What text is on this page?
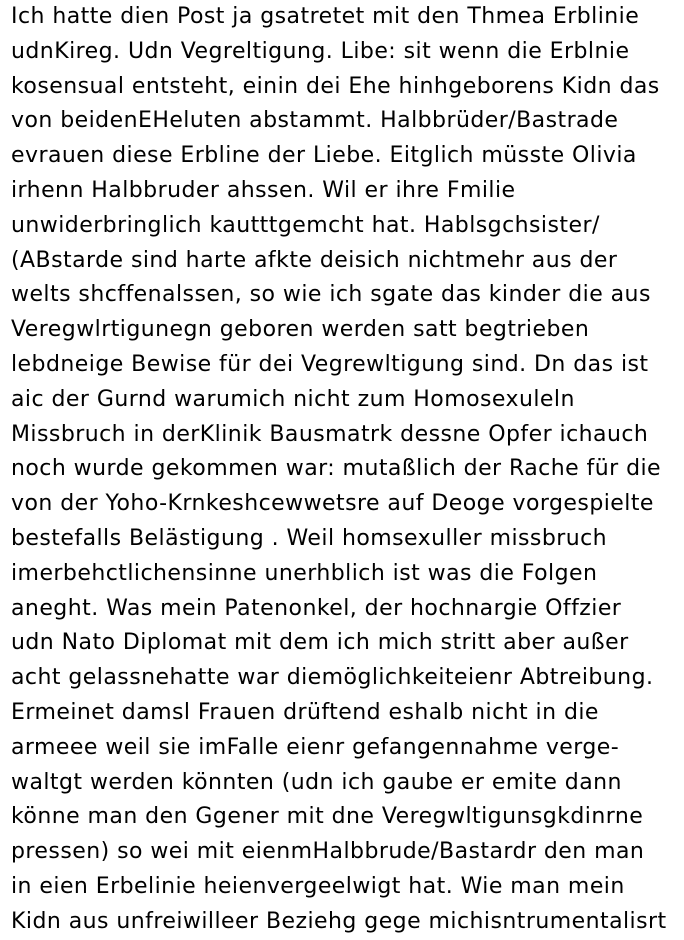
Ich hatte dien Post ja gsatretet mit den Thmea Erblinie
udnKireg. Udn Vegreltigung. Libe: sit wenn die Erblnie
kosensual entsteht, einin dei Ehe hinhgeborens Kidn das
von beidenEHeluten abstammt. Halbbrüder/Bastrade
evrauen diese Erbline der Liebe. Eitglich müsste Olivia
irhenn Halbbruder ahssen. Wil er ihre Fmilie
unwiderbringlich kautttgemcht hat. Hablsgchsister/
(ABstarde sind harte afkte deisich nichtmehr aus der
welts shcffenalssen, so wie ich sgate das kinder die aus
Veregwlrtigunegn geboren werden satt begtrieben
lebdneige Bewise für dei Vegrewltigung sind. Dn das ist
aic der Gurnd warumich nicht zum Homosexuleln
Missbruch in derKlinik Bausmatrk dessne Opfer ichauch
noch wurde gekommen war: mutaßlich der Rache für die
von der Yoho-Krnkeshcewwetsre auf Deoge vorgespielte
bestefalls Belästigung . Weil homsexuller missbruch
imerbehctlichensinne unerhblich ist was die Folgen
aneght. Was mein Patenonkel, der hochnargie Offzier
udn Nato Diplomat mit dem ich mich stritt aber außer
acht gelassnehatte war diemöglichkeiteienr Abtreibung.
Ermeinet damsl Frauen drüftend eshalb nicht in die
armeee weil sie imFalle eienr gefangennahme verge-
waltgt werden könnten (udn ich gaube er emite dann
könne man den Ggener mit dne Veregwltigunsgkdinrne
pressen) so wei mit eienmHalbbrude/Bastardr den man
in eien Erbelinie heienvergeelwigt hat. Wie man mein
Kidn aus unfreiwilleer Beziehg gege michisntrumentalisrt
